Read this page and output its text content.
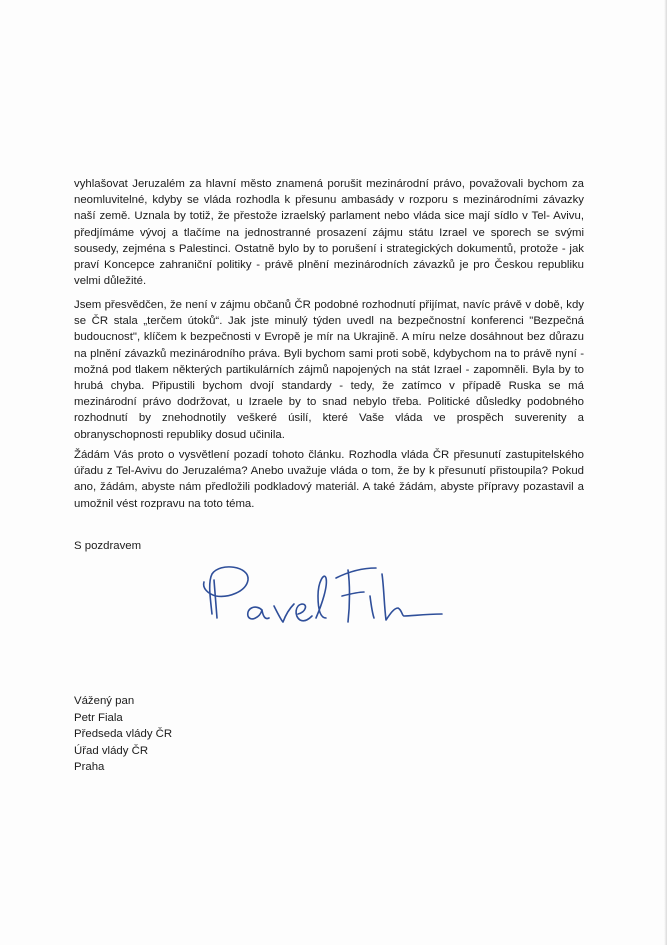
vyhlašovat Jeruzalém za hlavní město znamená porušit mezinárodní právo, považovali bychom za neomluvitelné, kdyby se vláda rozhodla k přesunu ambasády v rozporu s mezinárodními závazky naší země. Uznala by totiž, že přestože izraelský parlament nebo vláda sice mají sídlo v Tel- Avivu, předjímáme vývoj a tlačíme na jednostranné prosazení zájmu státu Izrael ve sporech se svými sousedy, zejména s Palestinci. Ostatně bylo by to porušení i strategických dokumentů, protože - jak praví Koncepce zahraniční politiky - právě plnění mezinárodních závazků je pro Českou republiku velmi důležité.

Jsem přesvědčen, že není v zájmu občanů ČR podobné rozhodnutí přijímat, navíc právě v době, kdy se ČR stala „terčem útoků“. Jak jste minulý týden uvedl na bezpečnostní konferenci "Bezpečná budoucnost", klíčem k bezpečnosti v Evropě je mír na Ukrajině. A míru nelze dosáhnout bez důrazu na plnění závazků mezinárodního práva. Byli bychom sami proti sobě, kdybychom na to právě nyní - možná pod tlakem některých partikulárních zájmů napojených na stát Izrael - zapomněli. Byla by to hrubá chyba. Připustili bychom dvojí standardy - tedy, že zatímco v případě Ruska se má mezinárodní právo dodržovat, u Izraele by to snad nebylo třeba. Politické důsledky podobného rozhodnutí by znehodnotily veškeré úsilí, které Vaše vláda ve prospěch suverenity a obranyschopnosti republiky dosud učinila.

Žádám Vás proto o vysvětlení pozadí tohoto článku. Rozhodla vláda ČR přesunutí zastupitelského úřadu z Tel-Avivu do Jeruzaléma? Anebo uvažuje vláda o tom, že by k přesunutí přistoupila? Pokud ano, žádám, abyste nám předložili podkladový materiál. A také žádám, abyste přípravy pozastavil a umožnil vést rozpravu na toto téma.

S pozdravem

Vážený pan
Petr Fiala
Předseda vlády ČR
Úřad vlády ČR
Praha
